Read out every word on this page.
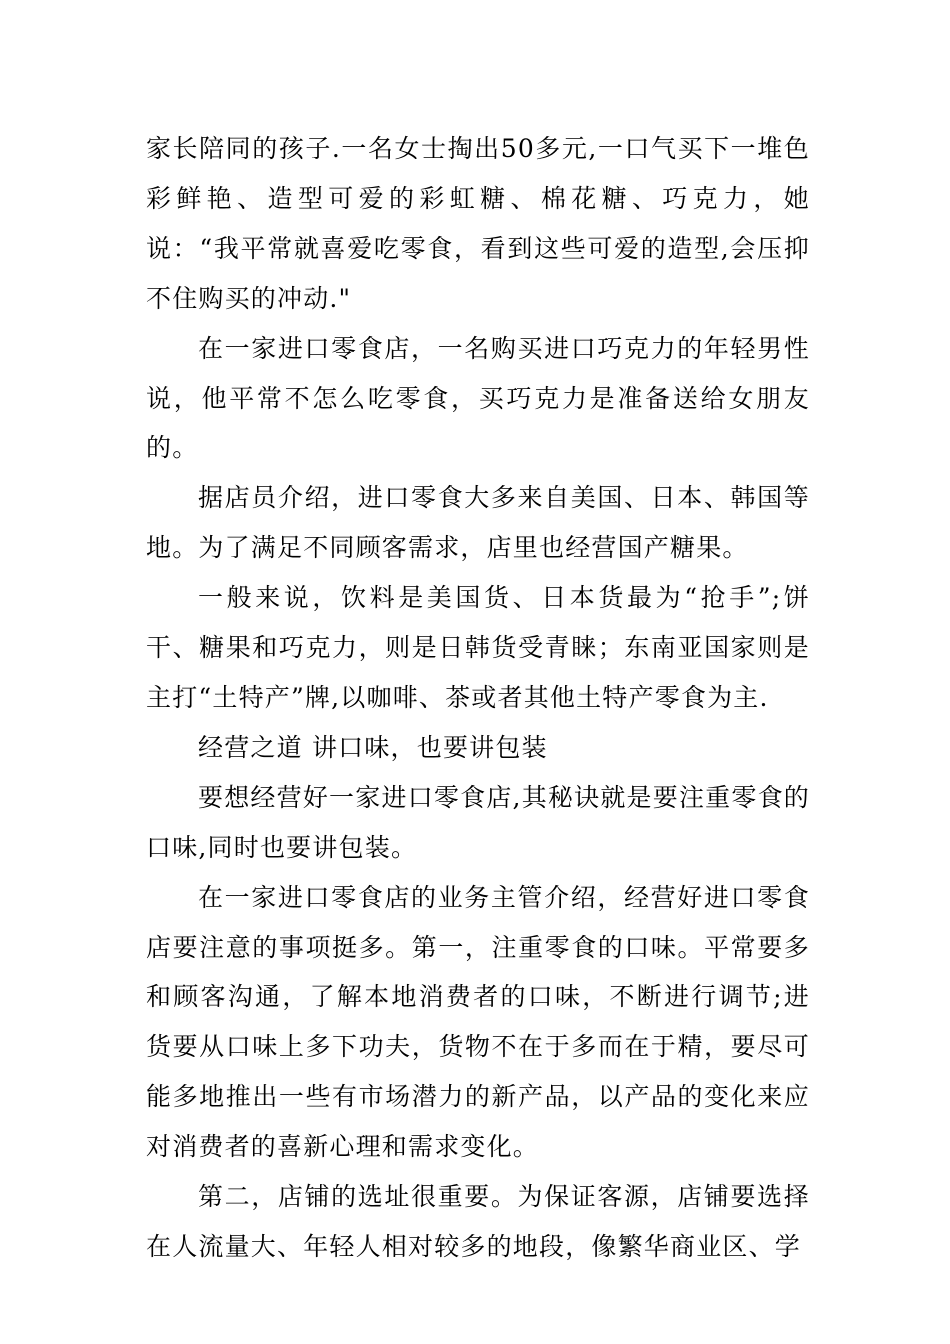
家长陪同的孩子.一名女士掏出50多元,一口气买下一堆色彩鲜艳、造型可爱的彩虹糖、棉花糖、巧克力，她说：“我平常就喜爱吃零食，看到这些可爱的造型,会压抑不住购买的冲动."

在一家进口零食店，一名购买进口巧克力的年轻男性说，他平常不怎么吃零食，买巧克力是准备送给女朋友的。

据店员介绍，进口零食大多来自美国、日本、韩国等地。为了满足不同顾客需求，店里也经营国产糖果。

一般来说，饮料是美国货、日本货最为“抢手”;饼干、糖果和巧克力，则是日韩货受青睐；东南亚国家则是主打“土特产”牌,以咖啡、茶或者其他土特产零食为主.

经营之道 讲口味，也要讲包装

要想经营好一家进口零食店,其秘诀就是要注重零食的口味,同时也要讲包装。

在一家进口零食店的业务主管介绍，经营好进口零食店要注意的事项挺多。第一，注重零食的口味。平常要多和顾客沟通，了解本地消费者的口味，不断进行调节;进货要从口味上多下功夫，货物不在于多而在于精，要尽可能多地推出一些有市场潜力的新产品，以产品的变化来应对消费者的喜新心理和需求变化。

第二，店铺的选址很重要。为保证客源，店铺要选择在人流量大、年轻人相对较多的地段，像繁华商业区、学
